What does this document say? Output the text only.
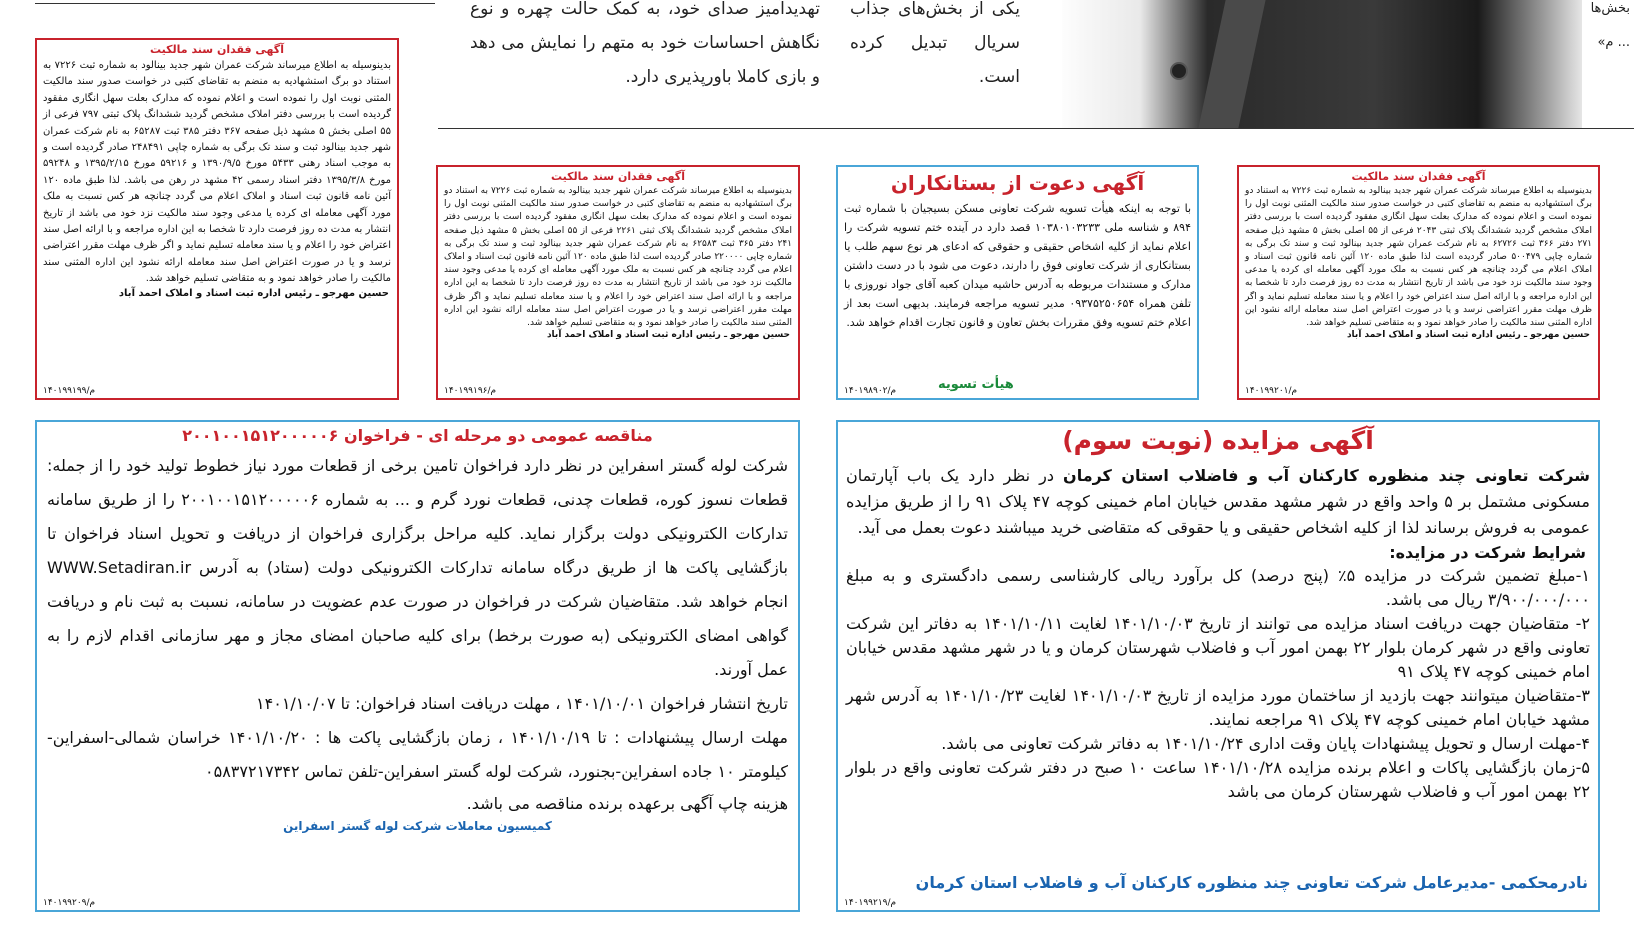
تهدیدآمیز صدای خود، به کمک حالت چهره و نوع نگاهش احساسات خود به متهم را نمایش می دهد و بازی کاملا باورپذیری دارد.
یکی از بخش‌های جذاب سریال تبدیل کرده است.
بخش‌ها ... م»
آگهی فقدان سند مالکیت
بدینوسیله به اطلاع میرساند شرکت عمران شهر جدید بینالود به شماره ثبت ۷۲۲۶ به استناد دو برگ استشهادیه به منضم به تقاضای کتبی در خواست صدور سند مالکیت المثنی نوبت اول را نموده است و اعلام نموده که مدارک بعلت سهل انگاری مفقود گردیده است با بررسی دفتر املاک مشخص گردید ششدانگ پلاک ثبتی ۷۹۷ فرعی از ۵۵ اصلی بخش ۵ مشهد ذیل صفحه ۳۶۷ دفتر ۳۸۵ ثبت ۶۵۲۸۷ به نام شرکت عمران شهر جدید بینالود ثبت و سند تک برگی به شماره چاپی ۲۴۸۴۹۱ صادر گردیده است و به موجب اسناد رهنی ۵۴۳۳ مورخ ۱۳۹۰/۹/۵ و ۵۹۲۱۶ مورخ ۱۳۹۵/۲/۱۵ و ۵۹۲۴۸ مورخ ۱۳۹۵/۳/۸ دفتر اسناد رسمی ۴۲ مشهد در رهن می باشد. لذا طبق ماده ۱۲۰ آئین نامه قانون ثبت اسناد و املاک اعلام می گردد چنانچه هر کس نسبت به ملک مورد آگهی معامله ای کرده یا مدعی وجود سند مالکیت نزد خود می باشد از تاریخ انتشار به مدت ده روز فرصت دارد تا شخصا به این اداره مراجعه و با ارائه اصل سند اعتراض خود را اعلام و یا سند معامله تسلیم نماید و اگر ظرف مهلت مقرر اعتراضی نرسد و یا در صورت اعتراض اصل سند معامله ارائه نشود این اداره المثنی سند مالکیت را صادر خواهد نمود و به متقاضی تسلیم خواهد شد.
حسین مهرجو ـ رئیس اداره ثبت اسناد و املاک احمد آباد
م/۱۴۰۱۹۹۱۹۹
آگهی فقدان سند مالکیت
بدینوسیله به اطلاع میرساند شرکت عمران شهر جدید بینالود به شماره ثبت ۷۲۲۶ به استناد دو برگ استشهادیه به منضم به تقاضای کتبی در خواست صدور سند مالکیت المثنی نوبت اول را نموده است و اعلام نموده که مدارک بعلت سهل انگاری مفقود گردیده است با بررسی دفتر املاک مشخص گردید ششدانگ پلاک ثبتی ۲۲۶۱ فرعی از ۵۵ اصلی بخش ۵ مشهد ذیل صفحه ۲۴۱ دفتر ۳۶۵ ثبت ۶۲۵۸۳ به نام شرکت عمران شهر جدید بینالود ثبت و سند تک برگی به شماره چاپی ۲۲۰۰۰۰ صادر گردیده است لذا طبق ماده ۱۲۰ آئین نامه قانون ثبت اسناد و املاک اعلام می گردد چنانچه هر کس نسبت به ملک مورد آگهی معامله ای کرده یا مدعی وجود سند مالکیت نزد خود می باشد از تاریخ انتشار به مدت ده روز فرصت دارد تا شخصا به این اداره مراجعه و با ارائه اصل سند اعتراض خود را اعلام و یا سند معامله تسلیم نماید و اگر ظرف مهلت مقرر اعتراضی نرسد و یا در صورت اعتراض اصل سند معامله ارائه نشود این اداره المثنی سند مالکیت را صادر خواهد نمود و به متقاضی تسلیم خواهد شد.
حسین مهرجو ـ رئیس اداره ثبت اسناد و املاک احمد آباد
م/۱۴۰۱۹۹۱۹۶
آگهی دعوت از بستانکاران
با توجه به اینکه هیأت تسویه شرکت تعاونی مسکن بسیجیان با شماره ثبت ۸۹۴ و شناسه ملی ۱۰۳۸۰۱۰۳۲۳۳ قصد دارد در آینده ختم تسویه شرکت را اعلام نماید از کلیه اشخاص حقیقی و حقوقی که ادعای هر نوع سهم طلب یا بستانکاری از شرکت تعاونی فوق را دارند، دعوت می شود با در دست داشتن مدارک و مستندات مربوطه به آدرس حاشیه میدان کعبه آقای جواد نوروزی با تلفن همراه ۰۹۳۷۵۲۵۰۶۵۴ مدیر تسویه مراجعه فرمایند. بدیهی است بعد از اعلام ختم تسویه وفق مقررات بخش تعاون و قانون تجارت اقدام خواهد شد.
هیأت تسویه
م/۱۴۰۱۹۸۹۰۲
آگهی فقدان سند مالکیت
بدینوسیله به اطلاع میرساند شرکت عمران شهر جدید بینالود به شماره ثبت ۷۲۲۶ به استناد دو برگ استشهادیه به منضم به تقاضای کتبی در خواست صدور سند مالکیت المثنی نوبت اول را نموده است و اعلام نموده که مدارک بعلت سهل انگاری مفقود گردیده است با بررسی دفتر املاک مشخص گردید ششدانگ پلاک ثبتی ۲۰۴۳ فرعی از ۵۵ اصلی بخش ۵ مشهد ذیل صفحه ۲۷۱ دفتر ۳۶۶ ثبت ۶۲۷۲۶ به نام شرکت عمران شهر جدید بینالود ثبت و سند تک برگی به شماره چاپی ۵۰۰۴۷۹ صادر گردیده است لذا طبق ماده ۱۲۰ آئین نامه قانون ثبت اسناد و املاک اعلام می گردد چنانچه هر کس نسبت به ملک مورد آگهی معامله ای کرده یا مدعی وجود سند مالکیت نزد خود می باشد از تاریخ انتشار به مدت ده روز فرصت دارد تا شخصا به این اداره مراجعه و با ارائه اصل سند اعتراض خود را اعلام و یا سند معامله تسلیم نماید و اگر ظرف مهلت مقرر اعتراضی نرسد و یا در صورت اعتراض اصل سند معامله ارائه نشود این اداره المثنی سند مالکیت را صادر خواهد نمود و به متقاضی تسلیم خواهد شد.
حسین مهرجو ـ رئیس اداره ثبت اسناد و املاک احمد آباد
م/۱۴۰۱۹۹۲۰۱
مناقصه عمومی دو مرحله ای - فراخوان ۲۰۰۱۰۰۱۵۱۲۰۰۰۰۰۶
شرکت لوله گستر اسفراین در نظر دارد فراخوان تامین برخی از قطعات مورد نیاز خطوط تولید خود را از جمله: قطعات نسوز کوره، قطعات چدنی، قطعات نورد گرم و ... به شماره ۲۰۰۱۰۰۱۵۱۲۰۰۰۰۰۶ را از طریق سامانه تدارکات الکترونیکی دولت برگزار نماید. کلیه مراحل برگزاری فراخوان از دریافت و تحویل اسناد فراخوان تا بازگشایی پاکت ها از طریق درگاه سامانه تدارکات الکترونیکی دولت (ستاد) به آدرس WWW.Setadiran.ir انجام خواهد شد. متقاضیان شرکت در فراخوان در صورت عدم عضویت در سامانه، نسبت به ثبت نام و دریافت گواهی امضای الکترونیکی (به صورت برخط) برای کلیه صاحبان امضای مجاز و مهر سازمانی اقدام لازم را به عمل آورند.
تاریخ انتشار فراخوان ۱۴۰۱/۱۰/۰۱ ، مهلت دریافت اسناد فراخوان: تا ۱۴۰۱/۱۰/۰۷
مهلت ارسال پیشنهادات : تا ۱۴۰۱/۱۰/۱۹ ، زمان بازگشایی پاکت ها : ۱۴۰۱/۱۰/۲۰ خراسان شمالی-اسفراین-کیلومتر ۱۰ جاده اسفراین-بجنورد، شرکت لوله گستر اسفراین-تلفن تماس ۰۵۸۳۷۲۱۷۳۴۲
هزینه چاپ آگهی برعهده برنده مناقصه می باشد.
کمیسیون معاملات شرکت لوله گستر اسفراین
م/۱۴۰۱۹۹۲۰۹
آگهی مزایده (نوبت سوم)
شرکت تعاونی چند منظوره کارکنان آب و فاضلاب استان کرمان در نظر دارد یک باب آپارتمان مسکونی مشتمل بر ۵ واحد واقع در شهر مشهد مقدس خیابان امام خمینی کوچه ۴۷ پلاک ۹۱ را از طریق مزایده عمومی به فروش برساند لذا از کلیه اشخاص حقیقی و یا حقوقی که متقاضی خرید میباشند دعوت بعمل می آید.
شرایط شرکت در مزایده:
۱-مبلغ تضمین شرکت در مزایده ۵٪ (پنج درصد) کل برآورد ریالی کارشناسی رسمی دادگستری و به مبلغ ۳/۹۰۰/۰۰۰/۰۰۰ ریال می باشد.
۲- متقاضیان جهت دریافت اسناد مزایده می توانند از تاریخ ۱۴۰۱/۱۰/۰۳ لغایت ۱۴۰۱/۱۰/۱۱ به دفاتر این شرکت تعاونی واقع در شهر کرمان بلوار ۲۲ بهمن امور آب و فاضلاب شهرستان کرمان و یا در شهر مشهد مقدس خیابان امام خمینی کوچه ۴۷ پلاک ۹۱
۳-متقاضیان میتوانند جهت بازدید از ساختمان مورد مزایده از تاریخ ۱۴۰۱/۱۰/۰۳ لغایت ۱۴۰۱/۱۰/۲۳ به آدرس شهر مشهد خیابان امام خمینی کوچه ۴۷ پلاک ۹۱ مراجعه نمایند.
۴-مهلت ارسال و تحویل پیشنهادات پایان وقت اداری ۱۴۰۱/۱۰/۲۴ به دفاتر شرکت تعاونی می باشد.
۵-زمان بازگشایی پاکات و اعلام برنده مزایده ۱۴۰۱/۱۰/۲۸ ساعت ۱۰ صبح در دفتر شرکت تعاونی واقع در بلوار ۲۲ بهمن امور آب و فاضلاب شهرستان کرمان می باشد
نادرمحکمی -مدیرعامل شرکت تعاونی چند منظوره کارکنان آب و فاضلاب استان کرمان
م/۱۴۰۱۹۹۲۱۹
